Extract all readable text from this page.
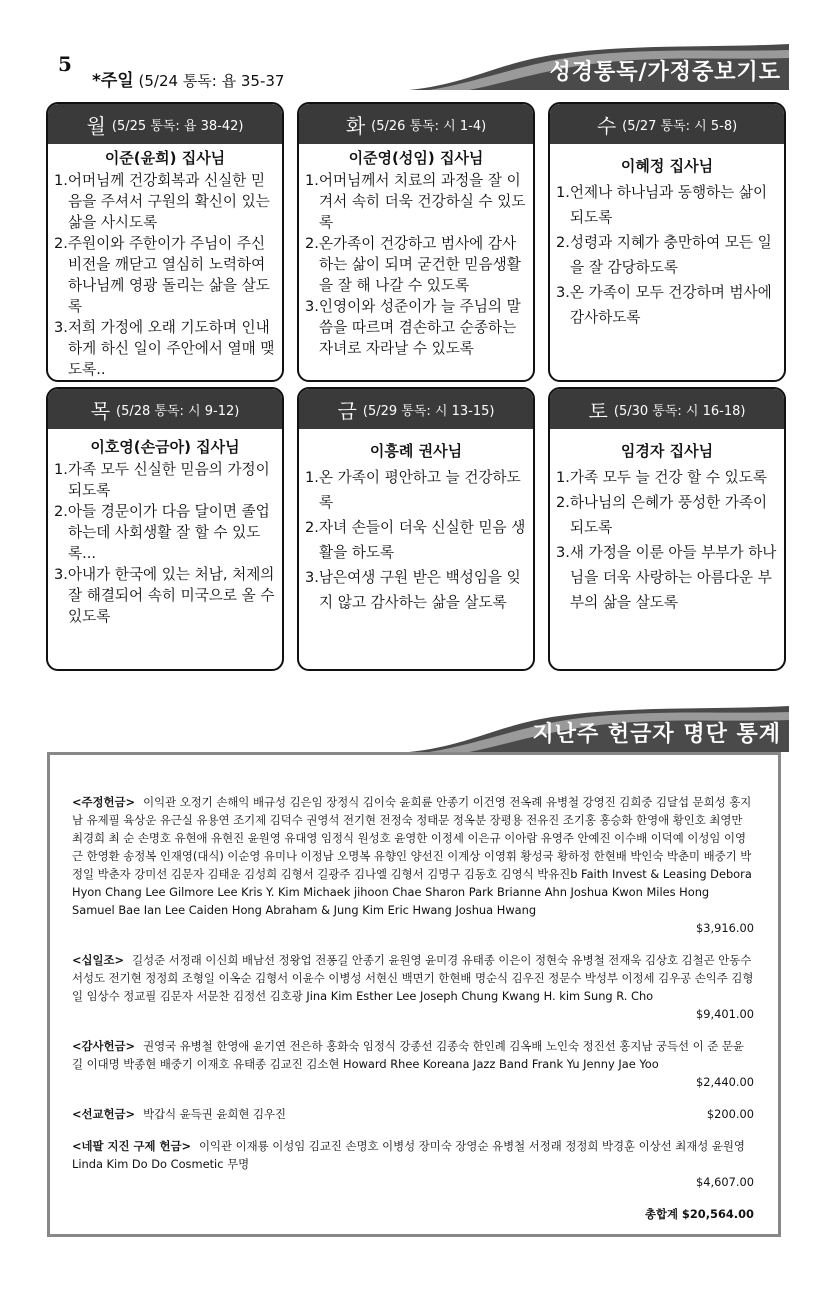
5
*주일 (5/24 통독: 욥 35-37	성경통독/가정중보기도
월 (5/25 통독: 욥 38-42)
이준(윤희) 집사님
1.어머님께 건강회복과 신실한 믿음을 주셔서 구원의 확신이 있는 삶을 사시도록
2.주원이와 주한이가 주님이 주신 비전을 깨닫고 열심히 노력하여 하나님께 영광 돌리는 삶을 살도록
3.저희 가정에 오래 기도하며 인내하게 하신 일이 주안에서 열매 맺도록..
화 (5/26 통독: 시 1-4)
이준영(성임) 집사님
1.어머님께서 치료의 과정을 잘 이겨서 속히 더욱 건강하실 수 있도록
2.온가족이 건강하고 범사에 감사하는 삶이 되며 굳건한 믿음생활을 잘 해 나갈 수 있도록
3.인영이와 성준이가 늘 주님의 말씀을 따르며 겸손하고 순종하는 자녀로 자라날 수 있도록
수 (5/27 통독: 시 5-8)
이혜정 집사님
1.언제나 하나님과 동행하는 삶이 되도록
2.성령과 지혜가 충만하여 모든 일을 잘 감당하도록
3.온 가족이 모두 건강하며 범사에 감사하도록
목 (5/28 통독: 시 9-12)
이호영(손금아) 집사님
1.가족 모두 신실한 믿음의 가정이 되도록
2.아들 경문이가 다음 달이면 졸업하는데 사회생활 잘 할 수 있도록...
3.아내가 한국에 있는 처남, 처제의 잘 해결되어 속히 미국으로 올 수 있도록
금 (5/29 통독: 시 13-15)
이흥례 권사님
1.온 가족이 평안하고 늘 건강하도록
2.자녀 손들이 더욱 신실한 믿음 생활을 하도록
3.남은여생 구원 받은 백성임을 잊지 않고 감사하는 삶을 살도록
토 (5/30 통독: 시 16-18)
임경자 집사님
1.가족 모두 늘 건강 할 수 있도록
2.하나님의 은혜가 풍성한 가족이 되도록
3.새 가정을 이룬 아들 부부가 하나님을 더욱 사랑하는 아름다운 부부의 삶을 살도록
지난주 헌금자 명단 통계
<주정헌금> 이익관 오정기 손해익 배규성 김은임 장정식 김이숙 윤희륜 안종기 이건영 전옥례 유병철 강영진 김희중 김달섭 문희성 홍지남 유제필 육상운 유근실 유용연 조기제 김덕수 권영석 전기현 전정숙 정태문 정옥분 장평용 전유진 조기홍 홍승화 한영애 황인호 최영만 최경희 최 순 손명호 유현애 유현진 윤원영 유대영 임정식 원성호 윤영한 이정세 이은규 이아람 유영주 안예진 이수배 이덕예 이성임 이영근 한영환 송정복 인재영(대식) 이순영 유미나 이정남 오명복 유향인 양선진 이계상 이영휘 황성국 황하정 한현배 박인숙 박춘미 배중기 박정일 박춘자 강미선 김문자 김태운 김성희 김형서 길광주 김나엘 김형서 김명구 김동호 김영식 박유진b Faith Invest & Leasing Debora Hyon Chang Lee Gilmore Lee Kris Y. Kim Michaek jihoon Chae Sharon Park Brianne Ahn Joshua Kwon Miles Hong Samuel Bae Ian Lee Caiden Hong Abraham & Jung Kim Eric Hwang Joshua Hwang
$3,916.00
<십일조> 길성준 서정래 이신희 배남선 정왕업 전퐁길 안종기 윤원영 윤미경 유태종 이은이 정현숙 유병철 전재욱 김상호 김철곤 안동수 서성도 전기현 정정희 조형일 이옥순 김형서 이윤수 이병성 서현신 백면기 한현배 명순식 김우진 정문수 박성부 이정세 김우공 손익주 김형일 임상수 정교필 김문자 서문찬 김정선 김호광 Jina Kim Esther Lee Joseph Chung Kwang H. kim Sung R. Cho
$9,401.00
<감사헌금> 권영국 유병철 한영애 윤기연 전은하 홍화숙 임정식 강종선 김종숙 한인례 김옥배 노인숙 정진선 홍지남 궁득선 이 준 문윤길 이대명 박종현 배중기 이재호 유태종 김교진 김소현 Howard Rhee Koreana Jazz Band Frank Yu Jenny Jae Yoo
$2,440.00
<선교헌금> 박갑식 윤득권 윤희현 김우진	$200.00
<네팔 지진 구제 헌금> 이익관 이재룡 이성임 김교진 손명호 이병성 장미숙 장영순 유병철 서정래 정정희 박경훈 이상선 최재성 윤원영 Linda Kim Do Do Cosmetic 무명
$4,607.00
총합계 $20,564.00
